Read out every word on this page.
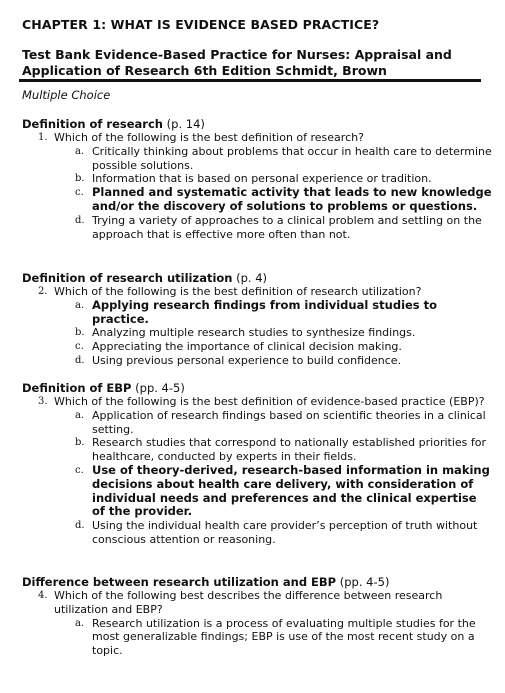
CHAPTER 1: WHAT IS EVIDENCE BASED PRACTICE?
Test Bank Evidence-Based Practice for Nurses: Appraisal and Application of Research 6th Edition Schmidt, Brown
Multiple Choice
Definition of research (p. 14)
1. Which of the following is the best definition of research?
a. Critically thinking about problems that occur in health care to determine possible solutions.
b. Information that is based on personal experience or tradition.
c. Planned and systematic activity that leads to new knowledge and/or the discovery of solutions to problems or questions.
d. Trying a variety of approaches to a clinical problem and settling on the approach that is effective more often than not.
Definition of research utilization (p. 4)
2. Which of the following is the best definition of research utilization?
a. Applying research findings from individual studies to practice.
b. Analyzing multiple research studies to synthesize findings.
c. Appreciating the importance of clinical decision making.
d. Using previous personal experience to build confidence.
Definition of EBP (pp. 4-5)
3. Which of the following is the best definition of evidence-based practice (EBP)?
a. Application of research findings based on scientific theories in a clinical setting.
b. Research studies that correspond to nationally established priorities for healthcare, conducted by experts in their fields.
c. Use of theory-derived, research-based information in making decisions about health care delivery, with consideration of individual needs and preferences and the clinical expertise of the provider.
d. Using the individual health care provider’s perception of truth without conscious attention or reasoning.
Difference between research utilization and EBP (pp. 4-5)
4. Which of the following best describes the difference between research utilization and EBP?
a. Research utilization is a process of evaluating multiple studies for the most generalizable findings; EBP is use of the most recent study on a topic.
